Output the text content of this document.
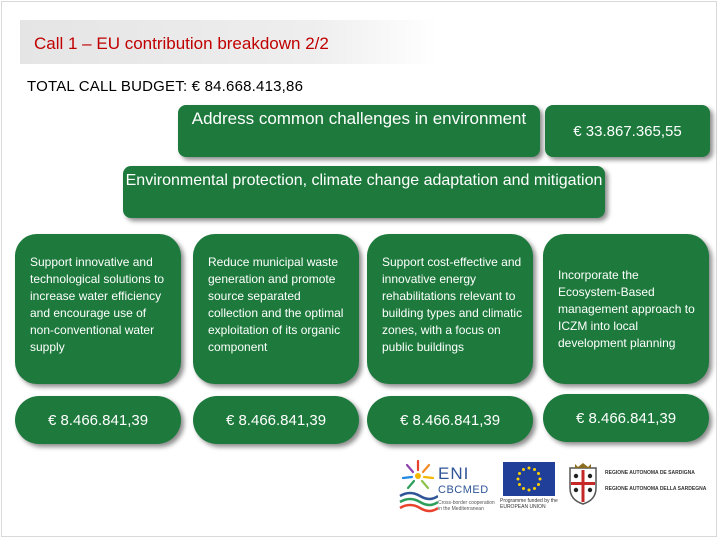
Call 1 – EU contribution breakdown 2/2
TOTAL CALL BUDGET: € 84.668.413,86
Address common challenges in environment
€ 33.867.365,55
Environmental protection, climate change adaptation and mitigation
Support innovative and technological solutions to increase water efficiency and encourage use of non-conventional water supply
Reduce municipal waste generation and promote source separated collection and the optimal exploitation of its organic component
Support cost-effective and innovative energy rehabilitations relevant to building types and climatic zones, with a focus on public buildings
Incorporate the Ecosystem-Based management approach to ICZM into local development planning
€ 8.466.841,39	€ 8.466.841,39	€ 8.466.841,39	€ 8.466.841,39
ENI
CBCMED
Cross-border cooperation in the Mediterranean
Programme funded by the EUROPEAN UNION
REGIONE AUTONOMA DE SARDIGNA
REGIONE AUTONOMA DELLA SARDEGNA
